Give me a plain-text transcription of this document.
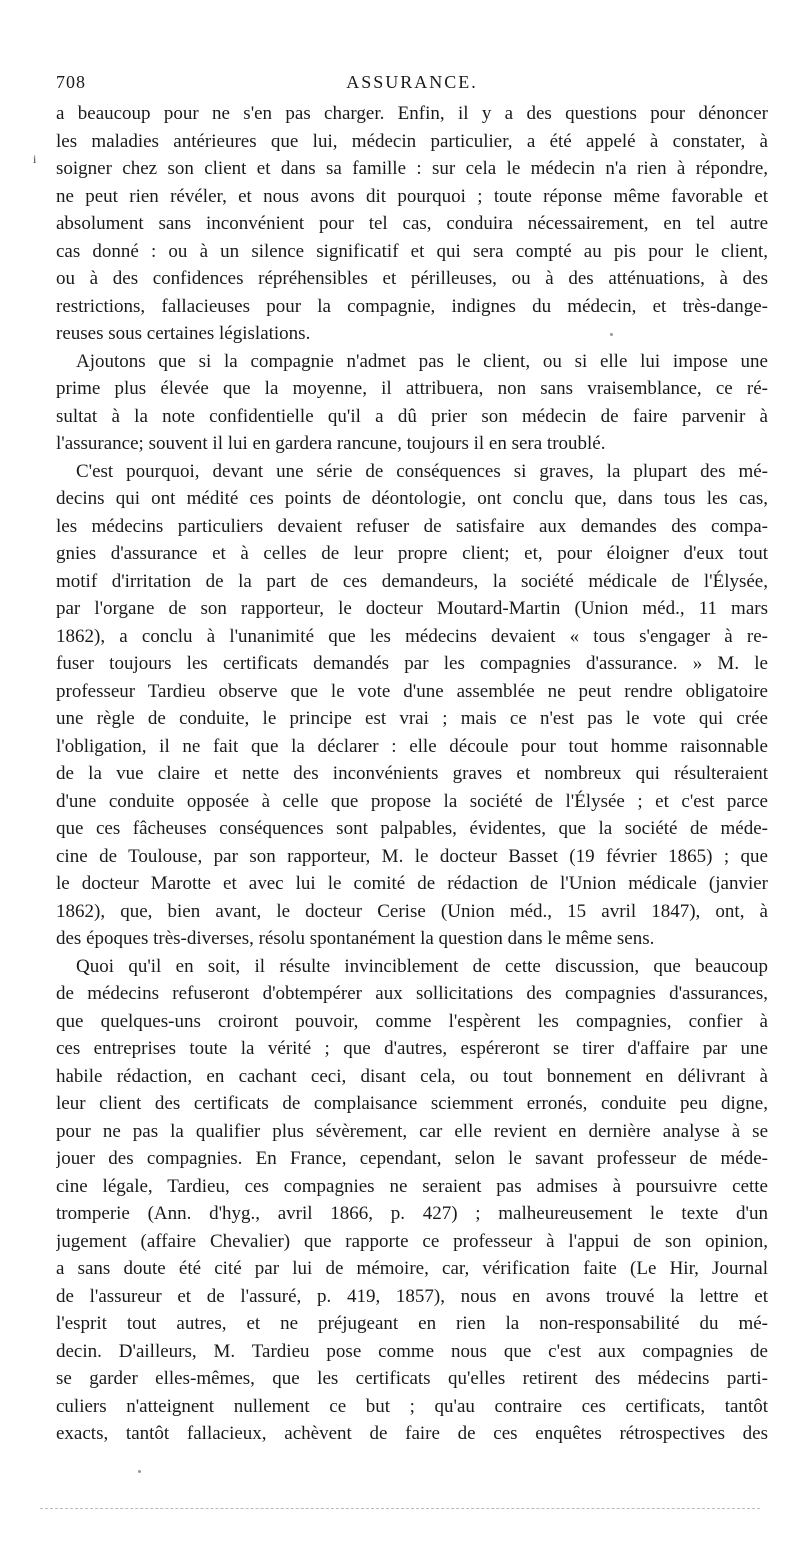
708	ASSURANCE.
i
a beaucoup pour ne s'en pas charger. Enfin, il y a des questions pour dénoncer
les maladies antérieures que lui, médecin particulier, a été appelé à constater, à
soigner chez son client et dans sa famille : sur cela le médecin n'a rien à répondre,
ne peut rien révéler, et nous avons dit pourquoi ; toute réponse même favorable et
absolument sans inconvénient pour tel cas, conduira nécessairement, en tel autre
cas donné : ou à un silence significatif et qui sera compté au pis pour le client,
ou à des confidences répréhensibles et périlleuses, ou à des atténuations, à des
restrictions, fallacieuses pour la compagnie, indignes du médecin, et très-dange-
reuses sous certaines législations.
Ajoutons que si la compagnie n'admet pas le client, ou si elle lui impose une
prime plus élevée que la moyenne, il attribuera, non sans vraisemblance, ce ré-
sultat à la note confidentielle qu'il a dû prier son médecin de faire parvenir à
l'assurance; souvent il lui en gardera rancune, toujours il en sera troublé.
C'est pourquoi, devant une série de conséquences si graves, la plupart des mé-
decins qui ont médité ces points de déontologie, ont conclu que, dans tous les cas,
les médecins particuliers devaient refuser de satisfaire aux demandes des compa-
gnies d'assurance et à celles de leur propre client; et, pour éloigner d'eux tout
motif d'irritation de la part de ces demandeurs, la société médicale de l'Élysée,
par l'organe de son rapporteur, le docteur Moutard-Martin (Union méd., 11 mars
1862), a conclu à l'unanimité que les médecins devaient « tous s'engager à re-
fuser toujours les certificats demandés par les compagnies d'assurance. » M. le
professeur Tardieu observe que le vote d'une assemblée ne peut rendre obligatoire
une règle de conduite, le principe est vrai ; mais ce n'est pas le vote qui crée
l'obligation, il ne fait que la déclarer : elle découle pour tout homme raisonnable
de la vue claire et nette des inconvénients graves et nombreux qui résulteraient
d'une conduite opposée à celle que propose la société de l'Élysée ; et c'est parce
que ces fâcheuses conséquences sont palpables, évidentes, que la société de méde-
cine de Toulouse, par son rapporteur, M. le docteur Basset (19 février 1865) ; que
le docteur Marotte et avec lui le comité de rédaction de l'Union médicale (janvier
1862), que, bien avant, le docteur Cerise (Union méd., 15 avril 1847), ont, à
des époques très-diverses, résolu spontanément la question dans le même sens.
Quoi qu'il en soit, il résulte invinciblement de cette discussion, que beaucoup
de médecins refuseront d'obtempérer aux sollicitations des compagnies d'assurances,
que quelques-uns croiront pouvoir, comme l'espèrent les compagnies, confier à
ces entreprises toute la vérité ; que d'autres, espéreront se tirer d'affaire par une
habile rédaction, en cachant ceci, disant cela, ou tout bonnement en délivrant à
leur client des certificats de complaisance sciemment erronés, conduite peu digne,
pour ne pas la qualifier plus sévèrement, car elle revient en dernière analyse à se
jouer des compagnies. En France, cependant, selon le savant professeur de méde-
cine légale, Tardieu, ces compagnies ne seraient pas admises à poursuivre cette
tromperie (Ann. d'hyg., avril 1866, p. 427) ; malheureusement le texte d'un
jugement (affaire Chevalier) que rapporte ce professeur à l'appui de son opinion,
a sans doute été cité par lui de mémoire, car, vérification faite (Le Hir, Journal
de l'assureur et de l'assuré, p. 419, 1857), nous en avons trouvé la lettre et
l'esprit tout autres, et ne préjugeant en rien la non-responsabilité du mé-
decin. D'ailleurs, M. Tardieu pose comme nous que c'est aux compagnies de
se garder elles-mêmes, que les certificats qu'elles retirent des médecins parti-
culiers n'atteignent nullement ce but ; qu'au contraire ces certificats, tantôt
exacts, tantôt fallacieux, achèvent de faire de ces enquêtes rétrospectives des
